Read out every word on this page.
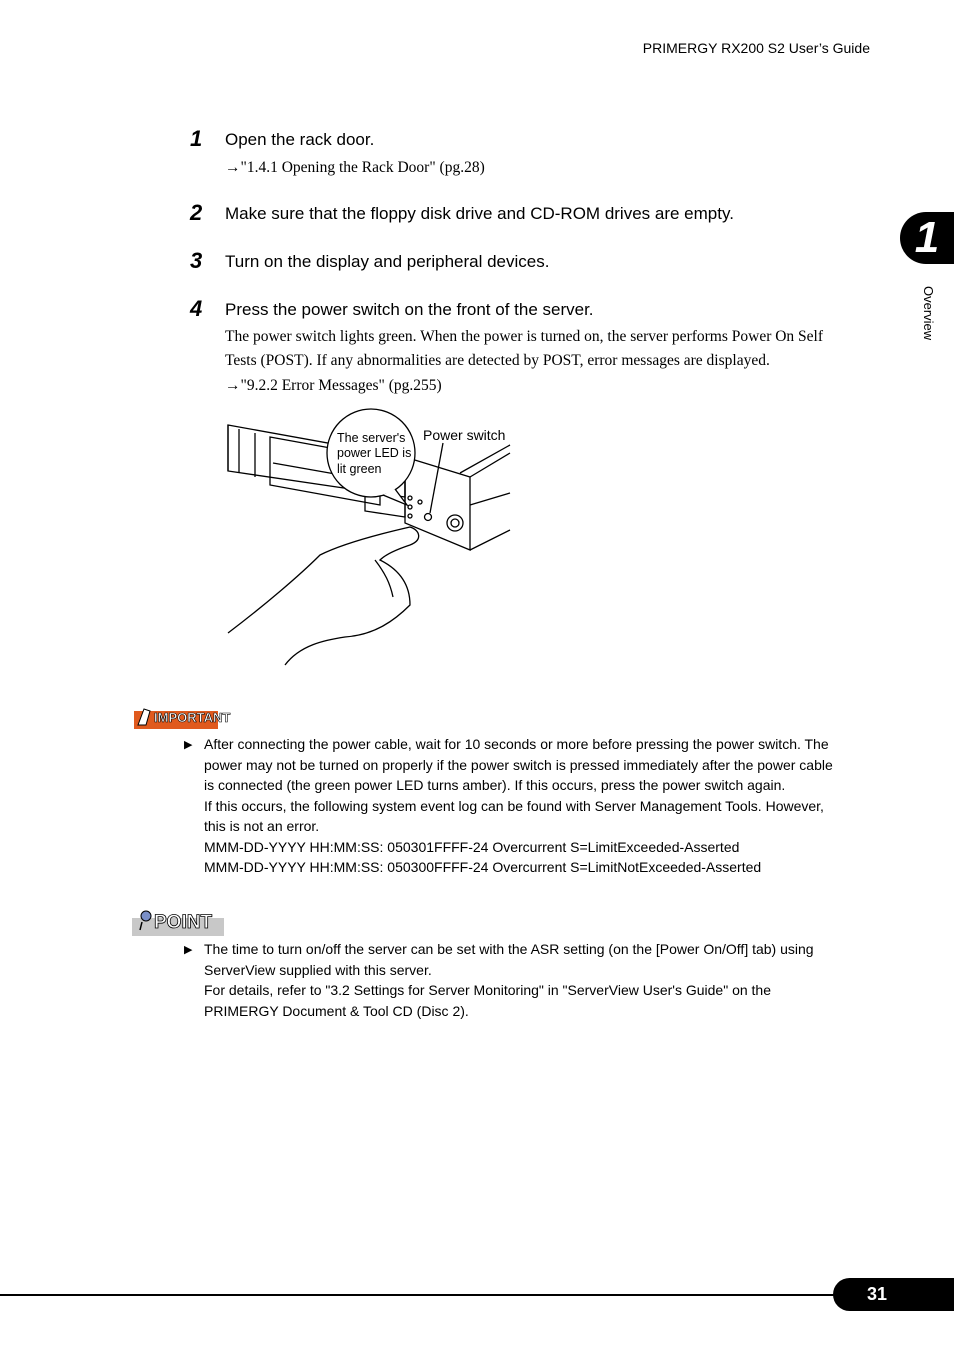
PRIMERGY RX200 S2 User’s Guide
1
Overview
1 Open the rack door.
→"1.4.1 Opening the Rack Door" (pg.28)
2 Make sure that the floppy disk drive and CD-ROM drives are empty.
3 Turn on the display and peripheral devices.
4 Press the power switch on the front of the server.
The power switch lights green. When the power is turned on, the server performs Power On Self
Tests (POST). If any abnormalities are detected by POST, error messages are displayed.
→"9.2.2 Error Messages" (pg.255)
The server's
power LED is
lit green
Power switch
IMPORTANT
▶ After connecting the power cable, wait for 10 seconds or more before pressing the power switch. The
power may not be turned on properly if the power switch is pressed immediately after the power cable
is connected (the green power LED turns amber). If this occurs, press the power switch again.
If this occurs, the following system event log can be found with Server Management Tools. However,
this is not an error.
MMM-DD-YYYY HH:MM:SS: 050301FFFF-24 Overcurrent S=LimitExceeded-Asserted
MMM-DD-YYYY HH:MM:SS: 050300FFFF-24 Overcurrent S=LimitNotExceeded-Asserted
POINT
▶ The time to turn on/off the server can be set with the ASR setting (on the [Power On/Off] tab) using
ServerView supplied with this server.
For details, refer to "3.2 Settings for Server Monitoring" in "ServerView User's Guide" on the
PRIMERGY Document & Tool CD (Disc 2).
31
